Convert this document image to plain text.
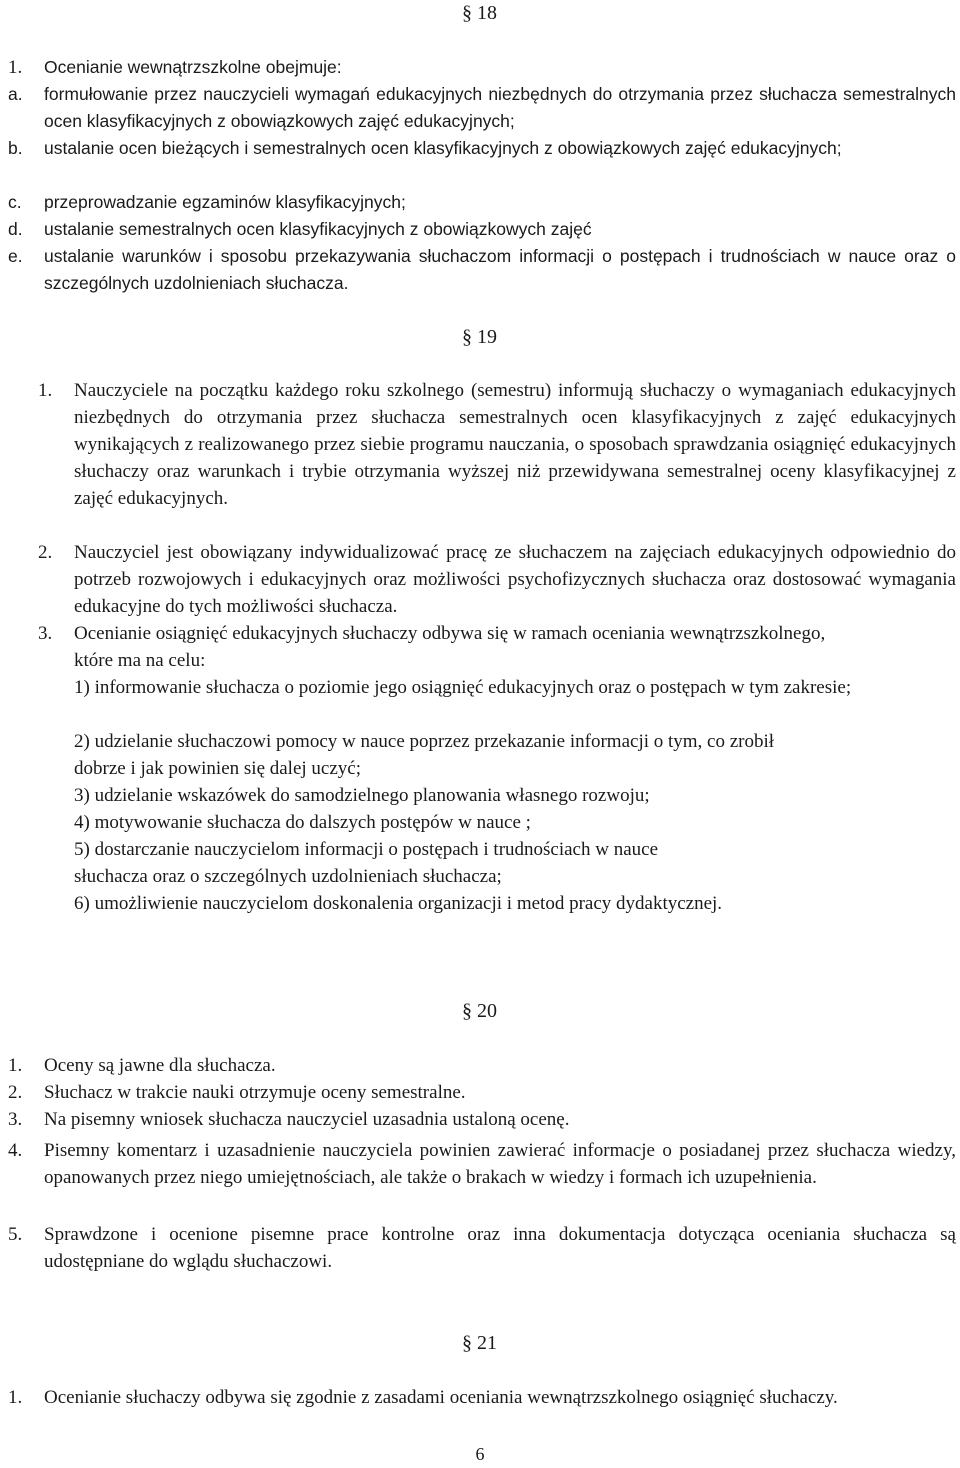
§ 18
1. Ocenianie wewnątrzszkolne obejmuje:
a. formułowanie przez nauczycieli wymagań edukacyjnych niezbędnych do otrzymania przez słuchacza semestralnych ocen klasyfikacyjnych z obowiązkowych zajęć edukacyjnych;
b. ustalanie ocen bieżących i semestralnych ocen klasyfikacyjnych z obowiązkowych zajęć edukacyjnych;
c. przeprowadzanie egzaminów klasyfikacyjnych;
d. ustalanie semestralnych ocen klasyfikacyjnych z obowiązkowych zajęć
e. ustalanie warunków i sposobu przekazywania słuchaczom informacji o postępach i trudnościach w nauce oraz o szczególnych uzdolnieniach słuchacza.
§ 19
1. Nauczyciele na początku każdego roku szkolnego (semestru) informują słuchaczy o wymaganiach edukacyjnych niezbędnych do otrzymania przez słuchacza semestralnych ocen klasyfikacyjnych z zajęć edukacyjnych wynikających z realizowanego przez siebie programu nauczania, o sposobach sprawdzania osiągnięć edukacyjnych słuchaczy oraz warunkach i trybie otrzymania wyższej niż przewidywana semestralnej oceny klasyfikacyjnej z zajęć edukacyjnych.
2. Nauczyciel jest obowiązany indywidualizować pracę ze słuchaczem na zajęciach edukacyjnych odpowiednio do potrzeb rozwojowych i edukacyjnych oraz możliwości psychofizycznych słuchacza oraz dostosować wymagania edukacyjne do tych możliwości słuchacza.
3. Ocenianie osiągnięć edukacyjnych słuchaczy odbywa się w ramach oceniania wewnątrzszkolnego, które ma na celu:
1) informowanie słuchacza o poziomie jego osiągnięć edukacyjnych oraz o postępach w tym zakresie;
2) udzielanie słuchaczowi pomocy w nauce poprzez przekazanie informacji o tym, co zrobił dobrze i jak powinien się dalej uczyć;
3) udzielanie wskazówek do samodzielnego planowania własnego rozwoju;
4) motywowanie słuchacza do dalszych postępów w nauce ;
5) dostarczanie nauczycielom informacji o postępach i trudnościach w nauce słuchacza oraz o szczególnych uzdolnieniach słuchacza;
6) umożliwienie nauczycielom doskonalenia organizacji i metod pracy dydaktycznej.
§ 20
1. Oceny są jawne dla słuchacza.
2. Słuchacz w trakcie nauki otrzymuje oceny semestralne.
3. Na pisemny wniosek słuchacza nauczyciel uzasadnia ustaloną ocenę.
4. Pisemny komentarz i uzasadnienie nauczyciela powinien zawierać informacje o posiadanej przez słuchacza wiedzy, opanowanych przez niego umiejętnościach, ale także o brakach w wiedzy i formach ich uzupełnienia.
5. Sprawdzone i ocenione pisemne prace kontrolne oraz inna dokumentacja dotycząca oceniania słuchacza są udostępniane do wglądu słuchaczowi.
§ 21
1. Ocenianie słuchaczy odbywa się zgodnie z zasadami oceniania wewnątrzszkolnego osiągnięć słuchaczy.
6
